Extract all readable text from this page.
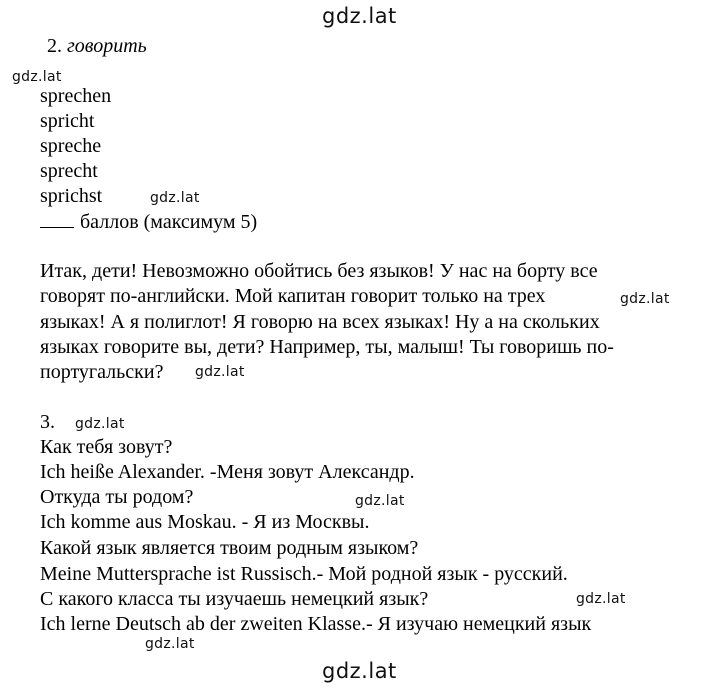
gdz.lat
2. говорить
gdz.lat
sprechen
spricht
spreche
sprecht
sprichst	gdz.lat
баллов (максимум 5)
Итак, дети! Невозможно обойтись без языков! У нас на борту все
говорят по-английски. Мой капитан говорит только на трех	gdz.lat
языках! А я полиглот! Я говорю на всех языках! Ну а на скольких
языках говорите вы, дети? Например, ты, малыш! Ты говоришь по-
португальски? gdz.lat
3. gdz.lat
Как тебя зовут?
Ich heiße Alexander. -Меня зовут Александр.
Откуда ты родом?	gdz.lat
Ich komme aus Moskau. - Я из Москвы.
Какой язык является твоим родным языком?
Meine Muttersprache ist Russisch.- Мой родной язык - русский.
С какого класса ты изучаешь немецкий язык?	gdz.lat
Ich lerne Deutsch ab der zweiten Klasse.- Я изучаю немецкий язык
gdz.lat
gdz.lat
